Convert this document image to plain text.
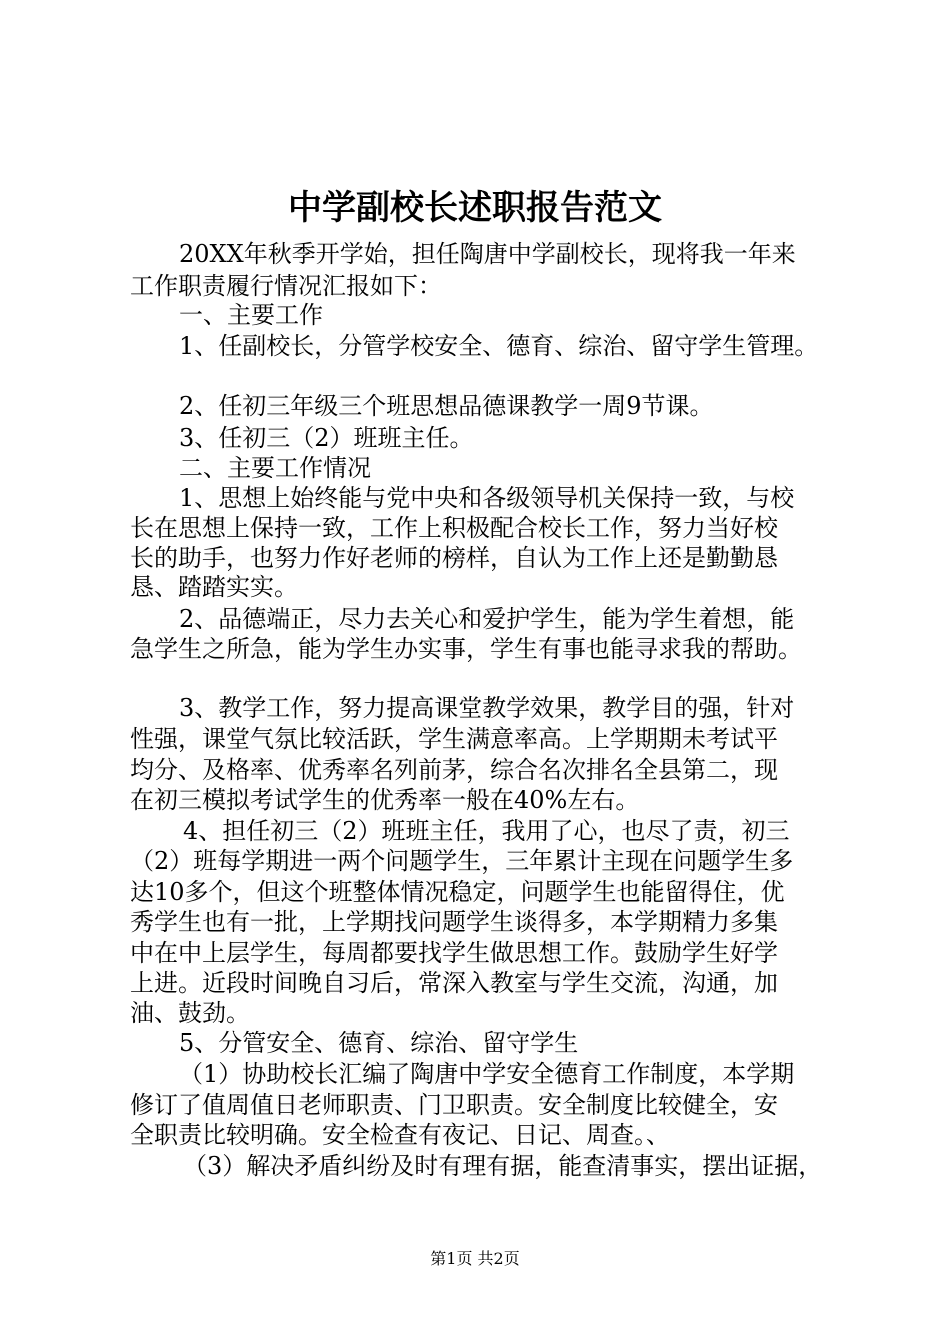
中学副校长述职报告范文
20XX年秋季开学始，担任陶唐中学副校长，现将我一年来
工作职责履行情况汇报如下：
一、主要工作
1、任副校长，分管学校安全、德育、综治、留守学生管理。
2、任初三年级三个班思想品德课教学一周9节课。
3、任初三（2）班班主任。
二、主要工作情况
1、思想上始终能与党中央和各级领导机关保持一致，与校
长在思想上保持一致，工作上积极配合校长工作，努力当好校
长的助手，也努力作好老师的榜样，自认为工作上还是勤勤恳
恳、踏踏实实。
2、品德端正，尽力去关心和爱护学生，能为学生着想，能
急学生之所急，能为学生办实事，学生有事也能寻求我的帮助。
3、教学工作，努力提高课堂教学效果，教学目的强，针对
性强，课堂气氛比较活跃，学生满意率高。上学期期未考试平
均分、及格率、优秀率名列前茅，综合名次排名全县第二，现
在初三模拟考试学生的优秀率一般在40%左右。
4、担任初三（2）班班主任，我用了心，也尽了责，初三
（2）班每学期进一两个问题学生，三年累计主现在问题学生多
达10多个，但这个班整体情况稳定，问题学生也能留得住，优
秀学生也有一批，上学期找问题学生谈得多，本学期精力多集
中在中上层学生，每周都要找学生做思想工作。鼓励学生好学
上进。近段时间晚自习后，常深入教室与学生交流，沟通，加
油、鼓劲。
5、分管安全、德育、综治、留守学生
（1）协助校长汇编了陶唐中学安全德育工作制度，本学期
修订了值周值日老师职责、门卫职责。安全制度比较健全，安
全职责比较明确。安全检查有夜记、日记、周查。、
（3）解决矛盾纠纷及时有理有据，能查清事实，摆出证据，
第1页 共2页
